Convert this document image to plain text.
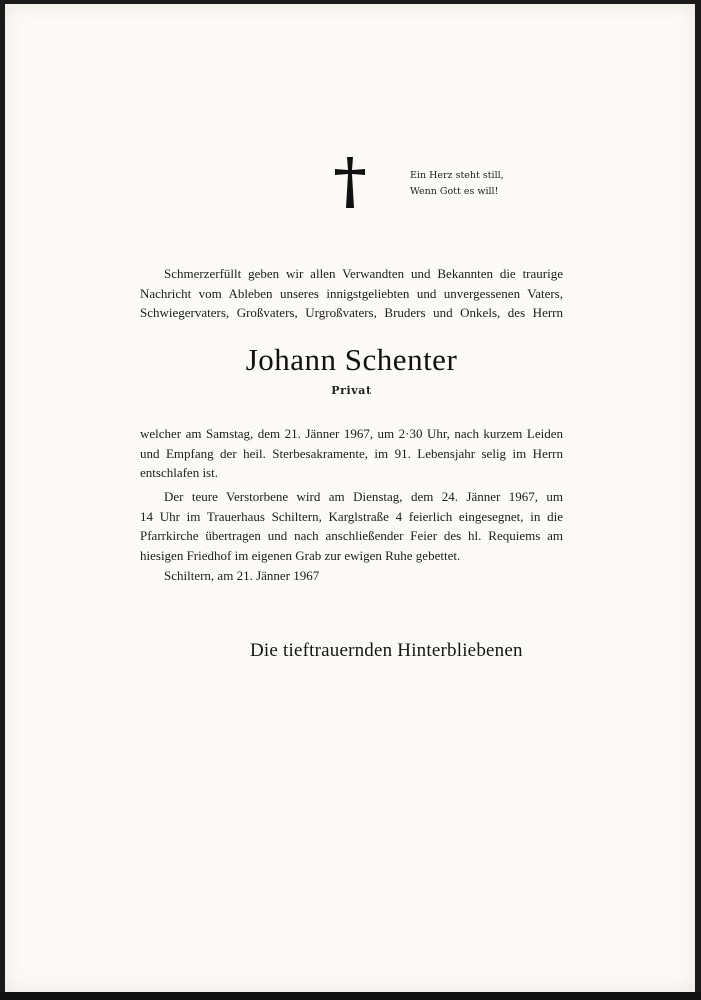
Ein Herz steht still,
Wenn Gott es will!
Schmerzerfüllt geben wir allen Verwandten und Bekannten die traurige
Nachricht vom Ableben unseres innigstgeliebten und unvergessenen Vaters,
Schwiegervaters, Großvaters, Urgroßvaters, Bruders und Onkels, des Herrn
Johann Schenter
Privat
welcher am Samstag, dem 21. Jänner 1967, um 2·30 Uhr, nach kurzem Leiden
und Empfang der heil. Sterbesakramente, im 91. Lebensjahr selig im Herrn
entschlafen ist.
Der teure Verstorbene wird am Dienstag, dem 24. Jänner 1967, um
14 Uhr im Trauerhaus Schiltern, Karglstraße 4 feierlich eingesegnet, in die
Pfarrkirche übertragen und nach anschließender Feier des hl. Requiems am
hiesigen Friedhof im eigenen Grab zur ewigen Ruhe gebettet.
Schiltern, am 21. Jänner 1967
Die tieftrauernden Hinterbliebenen
